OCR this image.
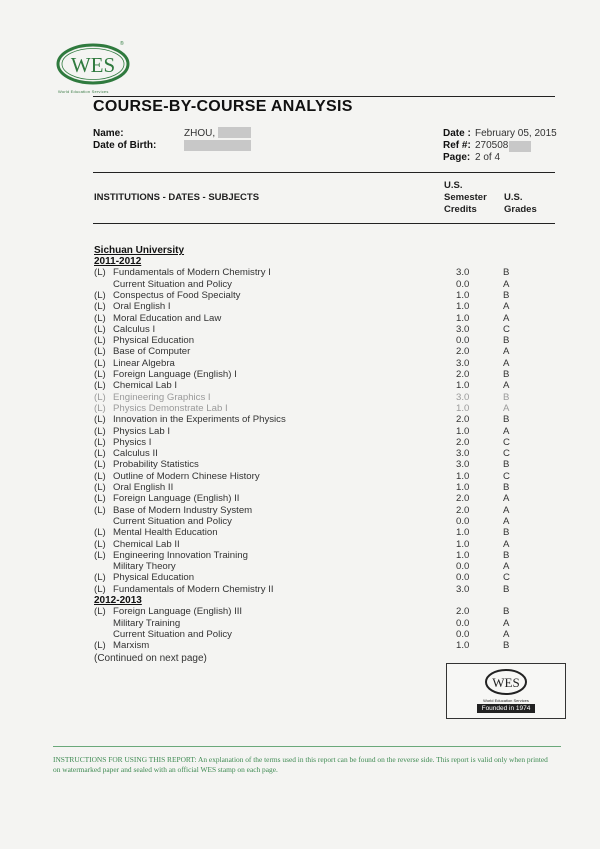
WES
®
World Education Services
COURSE-BY-COURSE ANALYSIS
Name:	ZHOU,
Date of Birth:
Date : February 05, 2015
Ref #: 270508
Page: 2 of 4
INSTITUTIONS - DATES - SUBJECTS
U.S.
Semester
Credits
U.S.
Grades
Sichuan University
2011-2012
(L) Fundamentals of Modern Chemistry I	3.0	B
Current Situation and Policy	0.0	A
(L) Conspectus of Food Specialty	1.0	B
(L) Oral English I	1.0	A
(L) Moral Education and Law	1.0	A
(L) Calculus I	3.0	C
(L) Physical Education	0.0	B
(L) Base of Computer	2.0	A
(L) Linear Algebra	3.0	A
(L) Foreign Language (English) I	2.0	B
(L) Chemical Lab I	1.0	A
(L) Engineering Graphics I	3.0	B
(L) Physics Demonstrate Lab I	1.0	A
(L) Innovation in the Experiments of Physics	2.0	B
(L) Physics Lab I	1.0	A
(L) Physics I	2.0	C
(L) Calculus II	3.0	C
(L) Probability Statistics	3.0	B
(L) Outline of Modern Chinese History	1.0	C
(L) Oral English II	1.0	B
(L) Foreign Language (English) II	2.0	A
(L) Base of Modern Industry System	2.0	A
Current Situation and Policy	0.0	A
(L) Mental Health Education	1.0	B
(L) Chemical Lab II	1.0	A
(L) Engineering Innovation Training	1.0	B
Military Theory	0.0	A
(L) Physical Education	0.0	C
(L) Fundamentals of Modern Chemistry II	3.0	B
2012-2013
(L) Foreign Language (English) III	2.0	B
Military Training	0.0	A
Current Situation and Policy	0.0	A
(L) Marxism	1.0	B
(Continued on next page)
WES
World Education Services
Founded in 1974
INSTRUCTIONS FOR USING THIS REPORT: An explanation of the terms used in this report can be found on the reverse side. This report is valid only when printed on watermarked paper and sealed with an official WES stamp on each page.
